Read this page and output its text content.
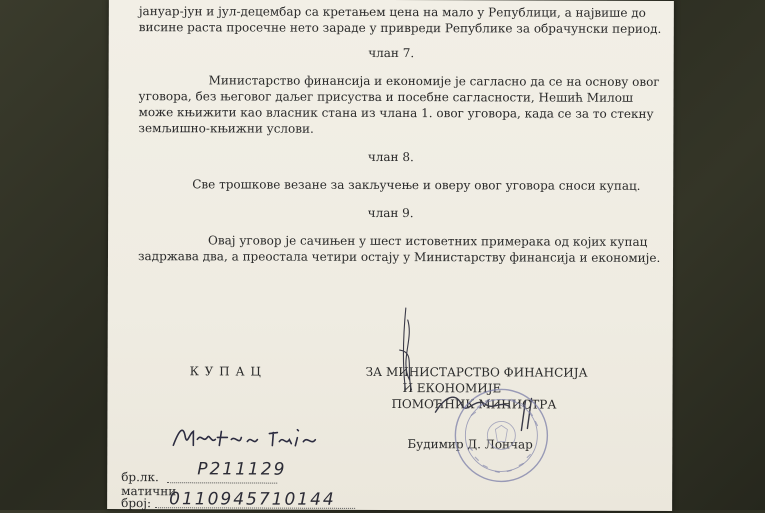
јануар-јун и јул-децембар са кретањем цена на мало у Републици, а највише до
висине раста просечне нето зараде у привреди Републике за обрачунски период.
члан 7.
Министарство финансија и економије је сагласно да се на основу овог
уговора, без његовог даљег присуства и посебне сагласности, Нешић Милош
може књижити као власник стана из члана 1. овог уговора, када се за то стекну
земљишно-књижни услови.
члан 8.
Све трошкове везане за закључење и оверу овог уговора сноси купац.
члан 9.
Овај уговор је сачињен у шест истоветних примерака од којих купац
задржава два, а преостала четири остају у Министарству финансија и економије.
К У П А Ц	ЗА МИНИСТАРСТВО ФИНАНСИЈА
И ЕКОНОМИЈЕ
ПОМОЋНИК МИНИСТРА
Будимир Д. Лончар
бр.лк. P211129
матични
број: 0110945710144
